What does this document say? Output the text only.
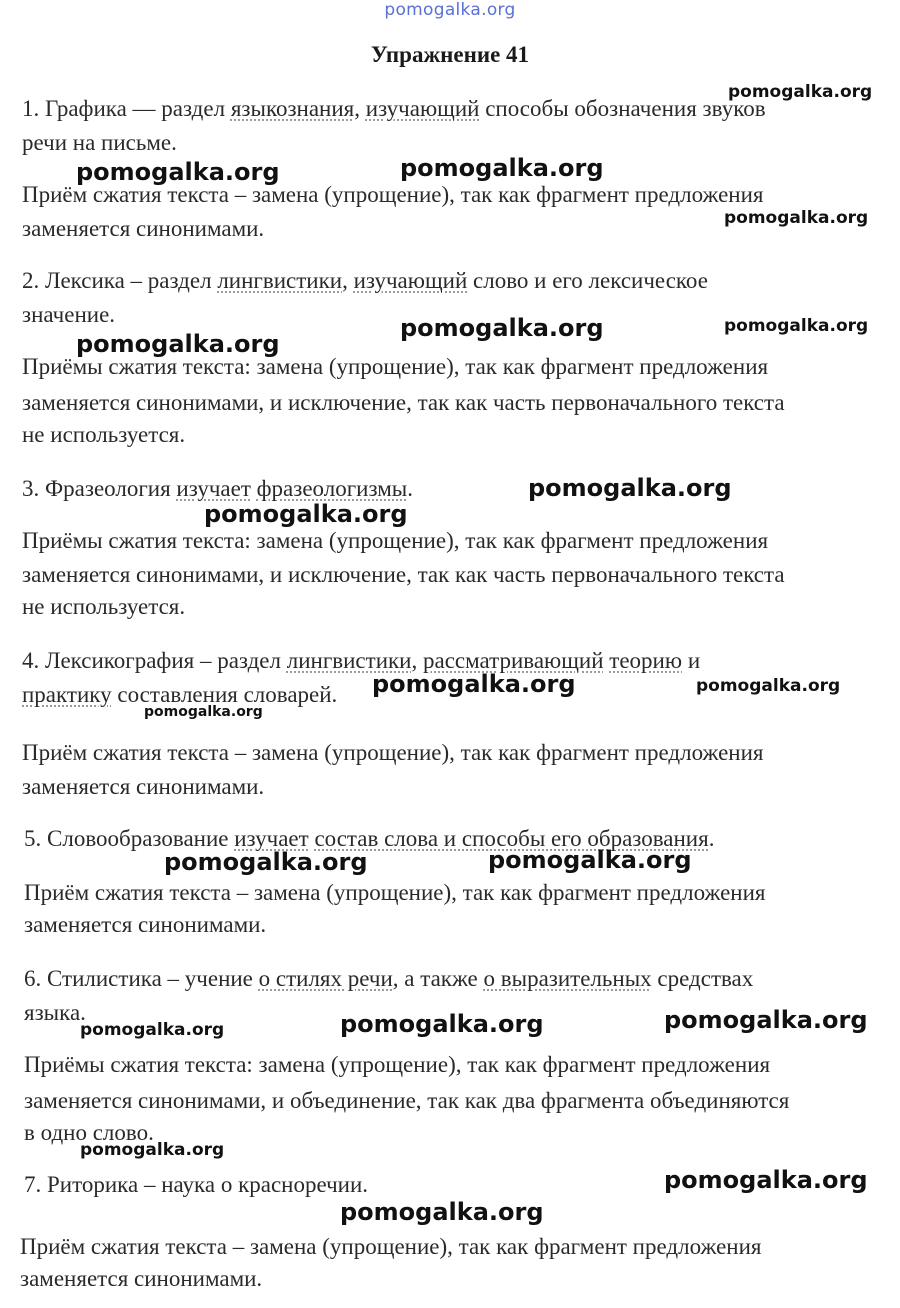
pomogalka.org
Упражнение 41
1. Графика — раздел языкознания, изучающий способы обозначения звуков
речи на письме.
Приём сжатия текста – замена (упрощение), так как фрагмент предложения
заменяется синонимами.
2. Лексика – раздел лингвистики, изучающий слово и его лексическое
значение.
Приёмы сжатия текста: замена (упрощение), так как фрагмент предложения
заменяется синонимами, и исключение, так как часть первоначального текста
не используется.
3. Фразеология изучает фразеологизмы.
Приёмы сжатия текста: замена (упрощение), так как фрагмент предложения
заменяется синонимами, и исключение, так как часть первоначального текста
не используется.
4. Лексикография – раздел лингвистики, рассматривающий теорию и
практику составления словарей.
Приём сжатия текста – замена (упрощение), так как фрагмент предложения
заменяется синонимами.
5. Словообразование изучает состав слова и способы его образования.
Приём сжатия текста – замена (упрощение), так как фрагмент предложения
заменяется синонимами.
6. Стилистика – учение о стилях речи, а также о выразительных средствах
языка.
Приёмы сжатия текста: замена (упрощение), так как фрагмент предложения
заменяется синонимами, и объединение, так как два фрагмента объединяются
в одно слово.
7. Риторика – наука о красноречии.
Приём сжатия текста – замена (упрощение), так как фрагмент предложения
заменяется синонимами.
pomogalka.org
pomogalka.org	pomogalka.org
pomogalka.org
pomogalka.org	pomogalka.org
pomogalka.org
pomogalka.org
pomogalka.org
pomogalka.org	pomogalka.org
pomogalka.org
pomogalka.org	pomogalka.org
pomogalka.org	pomogalka.org	pomogalka.org
pomogalka.org
pomogalka.org
pomogalka.org
